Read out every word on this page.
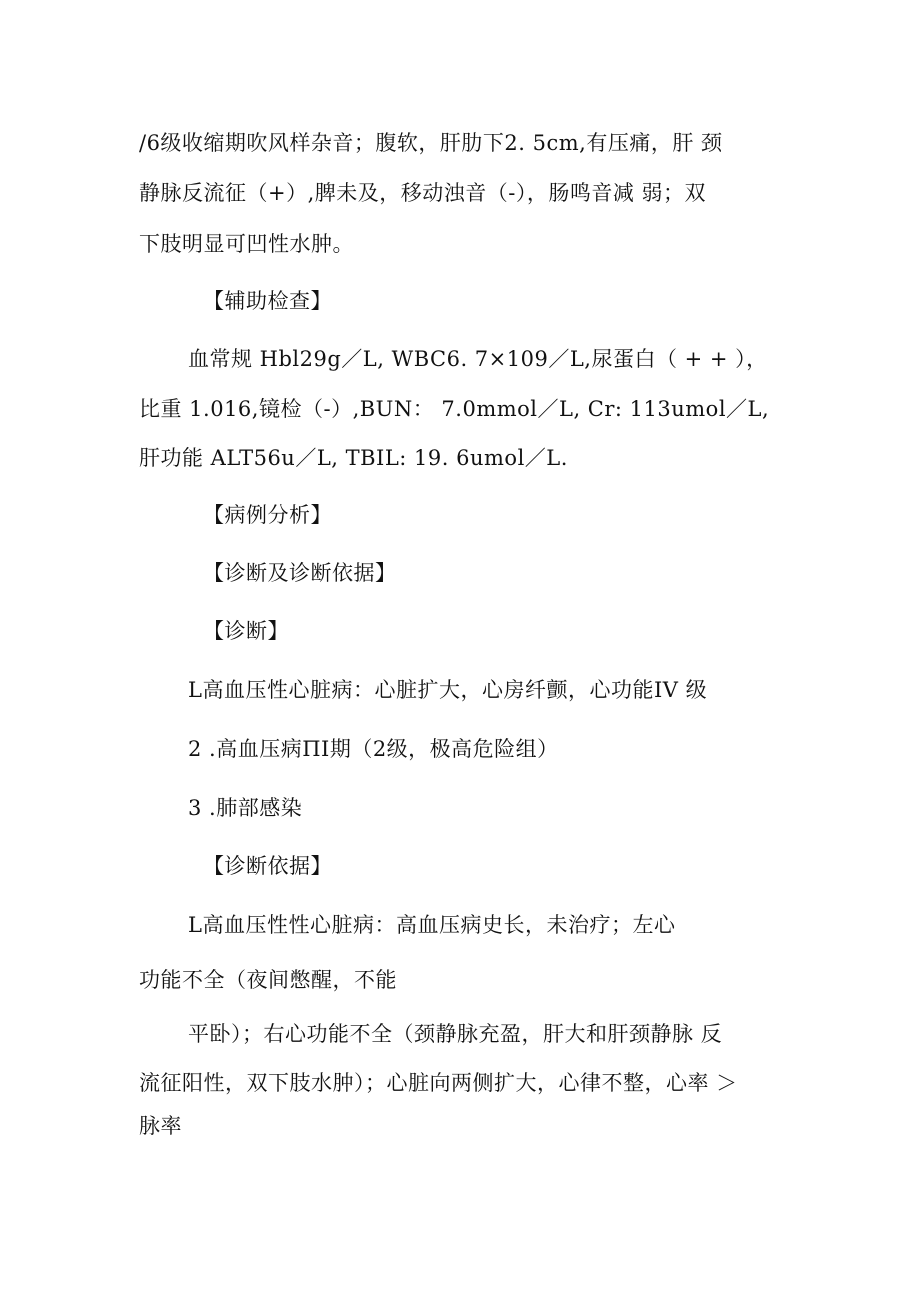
/6级收缩期吹风样杂音；腹软，肝肋下2. 5cm,有压痛，肝 颈
静脉反流征（+）,脾未及，移动浊音（-），肠鸣音减 弱；双
下肢明显可凹性水肿。
【辅助检查】
血常规 Hbl29g／L, WBC6. 7×109／L,尿蛋白（ + + ），
比重 1.016,镜检（-）,BUN： 7.0mmol／L, Cr: 113umol／L,
肝功能 ALT56u／L, TBIL: 19. 6umol／L.
【病例分析】
【诊断及诊断依据】
【诊断】
L高血压性心脏病：心脏扩大，心房纤颤，心功能IV 级
2 .高血压病ΠI期（2级，极高危险组）
3 .肺部感染
【诊断依据】
L高血压性性心脏病：高血压病史长，未治疗；左心
功能不全（夜间憋醒，不能
平卧）；右心功能不全（颈静脉充盈，肝大和肝颈静脉 反
流征阳性，双下肢水肿）；心脏向两侧扩大，心律不整，心率 ＞
脉率
